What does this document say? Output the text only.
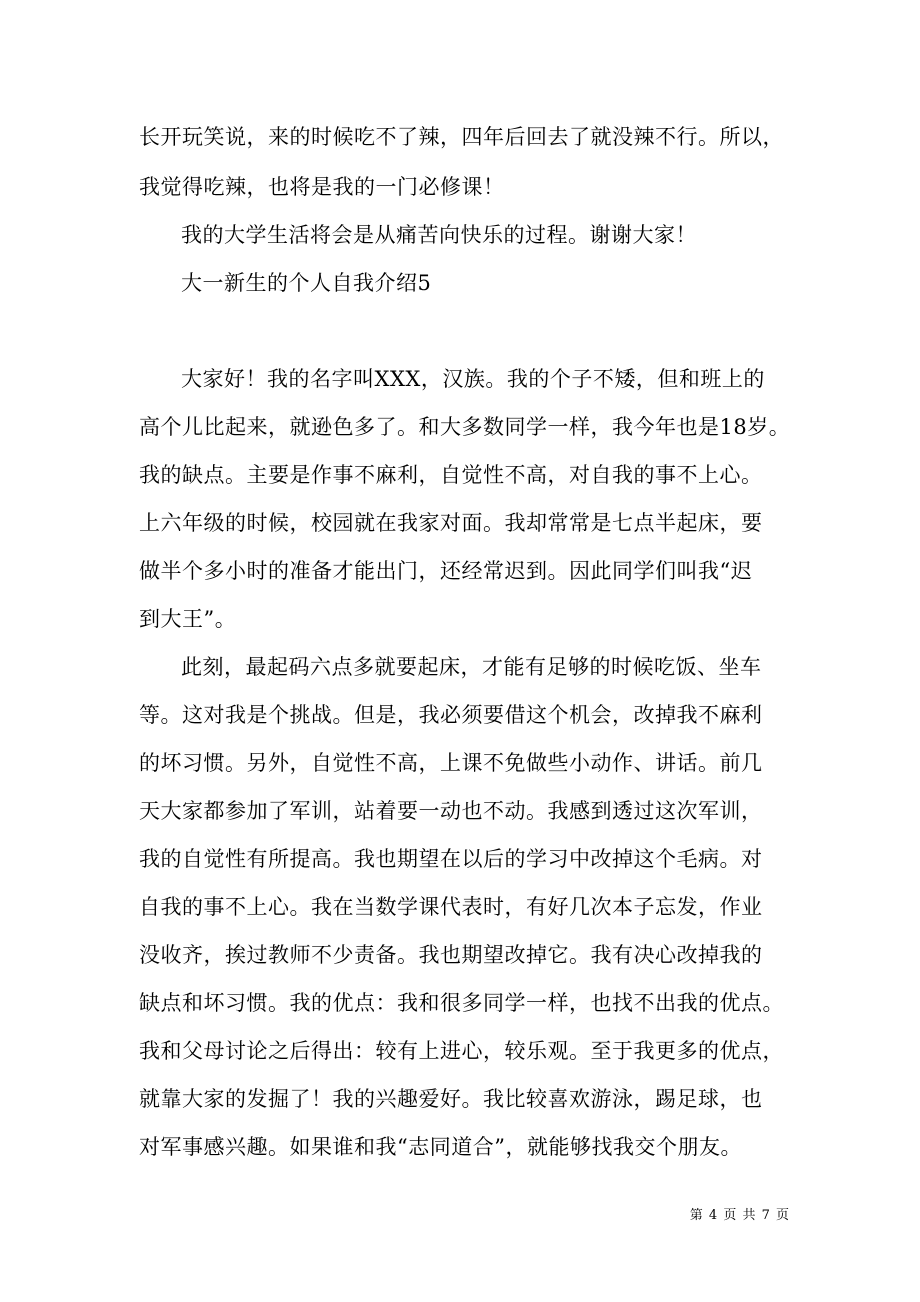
长开玩笑说，来的时候吃不了辣，四年后回去了就没辣不行。所以，
我觉得吃辣，也将是我的一门必修课！
我的大学生活将会是从痛苦向快乐的过程。谢谢大家！
大一新生的个人自我介绍5
大家好！我的名字叫XXX，汉族。我的个子不矮，但和班上的
高个儿比起来，就逊色多了。和大多数同学一样，我今年也是18岁。
我的缺点。主要是作事不麻利，自觉性不高，对自我的事不上心。
上六年级的时候，校园就在我家对面。我却常常是七点半起床，要
做半个多小时的准备才能出门，还经常迟到。因此同学们叫我“迟
到大王”。
此刻，最起码六点多就要起床，才能有足够的时候吃饭、坐车
等。这对我是个挑战。但是，我必须要借这个机会，改掉我不麻利
的坏习惯。另外，自觉性不高，上课不免做些小动作、讲话。前几
天大家都参加了军训，站着要一动也不动。我感到透过这次军训，
我的自觉性有所提高。我也期望在以后的学习中改掉这个毛病。对
自我的事不上心。我在当数学课代表时，有好几次本子忘发，作业
没收齐，挨过教师不少责备。我也期望改掉它。我有决心改掉我的
缺点和坏习惯。我的优点：我和很多同学一样，也找不出我的优点。
我和父母讨论之后得出：较有上进心，较乐观。至于我更多的优点，
就靠大家的发掘了！我的兴趣爱好。我比较喜欢游泳，踢足球，也
对军事感兴趣。如果谁和我“志同道合”，就能够找我交个朋友。
第 4 页 共 7 页
